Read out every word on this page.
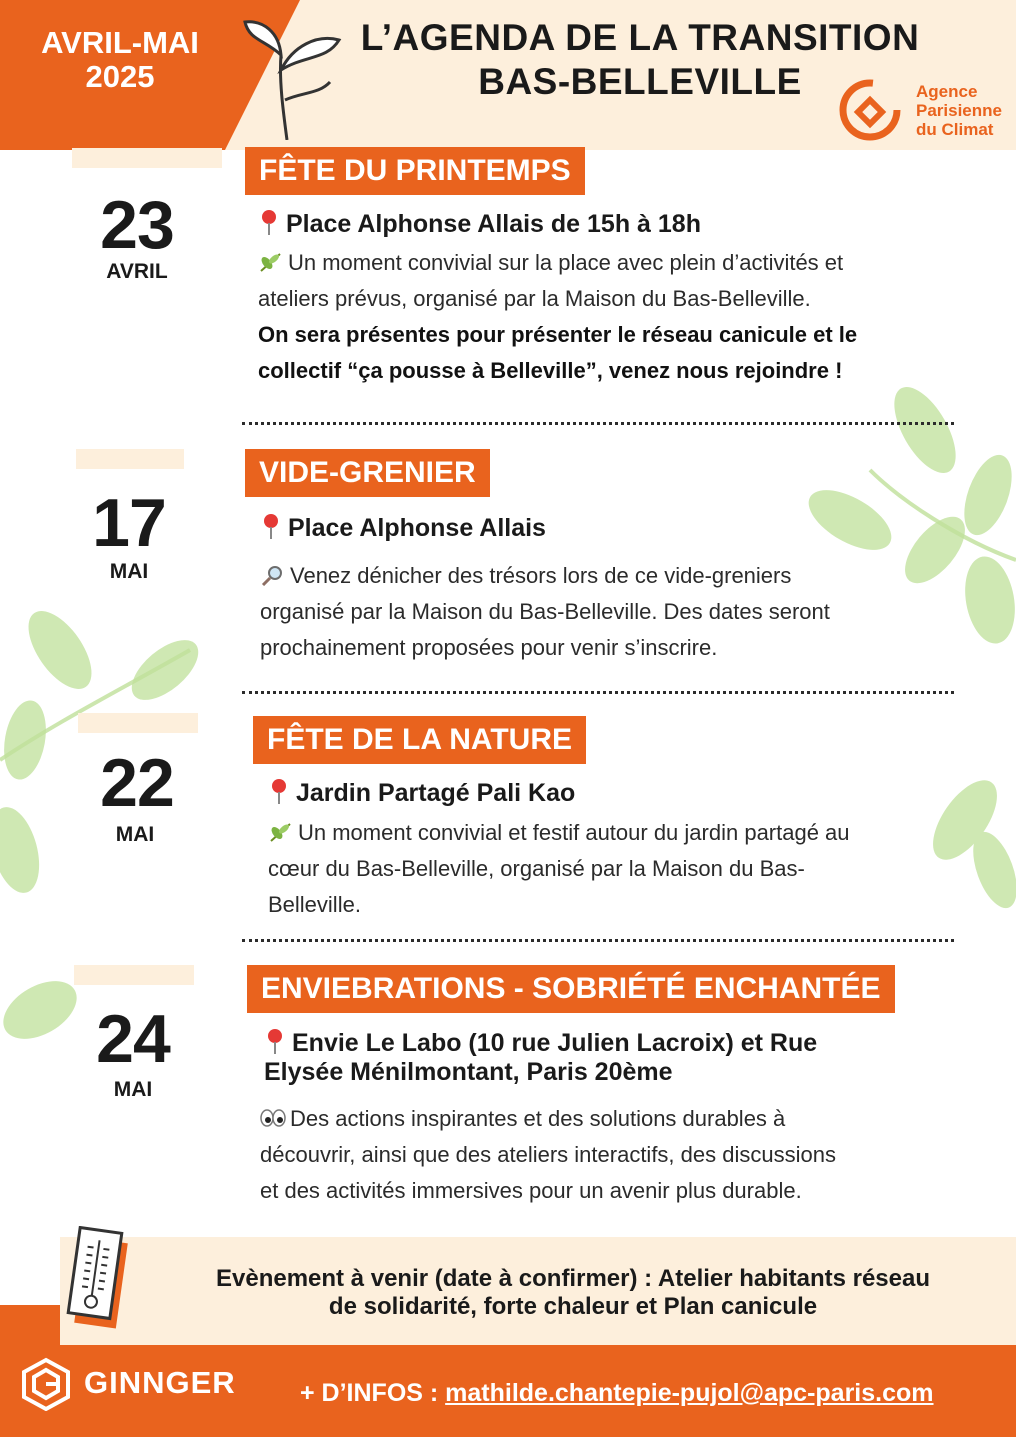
AVRIL-MAI
2025
L’AGENDA DE LA TRANSITION
BAS-BELLEVILLE	Agence
Parisienne
du Climat
23
AVRIL
FÊTE DU PRINTEMPS
Place Alphonse Allais de 15h à 18h
Un moment convivial sur la place avec plein d’activités et
ateliers prévus, organisé par la Maison du Bas-Belleville.
On sera présentes pour présenter le réseau canicule et le
collectif “ça pousse à Belleville”, venez nous rejoindre !
17
MAI
VIDE-GRENIER
Place Alphonse Allais
Venez dénicher des trésors lors de ce vide-greniers
organisé par la Maison du Bas-Belleville. Des dates seront
prochainement proposées pour venir s’inscrire.
22
MAI
FÊTE DE LA NATURE
Jardin Partagé Pali Kao
Un moment convivial et festif autour du jardin partagé au
cœur du Bas-Belleville, organisé par la Maison du Bas-
Belleville.
24
MAI
ENVIEBRATIONS - SOBRIÉTÉ ENCHANTÉE
Envie Le Labo (10 rue Julien Lacroix) et Rue
Elysée Ménilmontant, Paris 20ème
Des actions inspirantes et des solutions durables à
découvrir, ainsi que des ateliers interactifs, des discussions
et des activités immersives pour un avenir plus durable.
Evènement à venir (date à confirmer) : Atelier habitants réseau
de solidarité, forte chaleur et Plan canicule
GINNGER	+ D’INFOS : mathilde.chantepie-pujol@apc-paris.com
